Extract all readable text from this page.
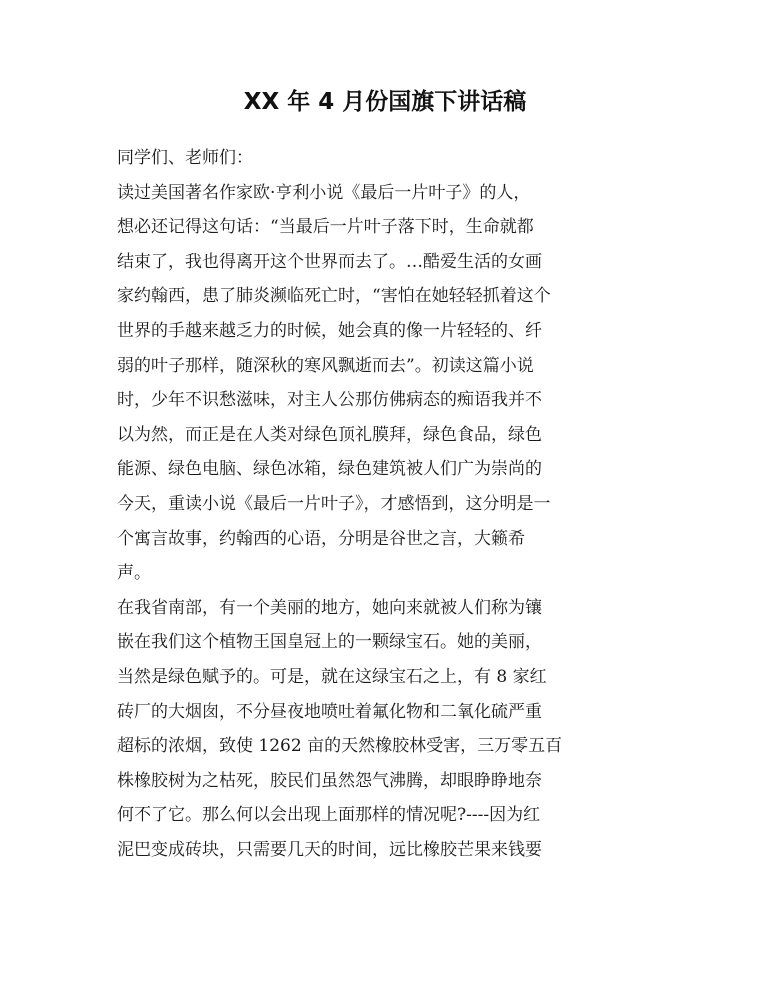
XX 年 4 月份国旗下讲话稿
同学们、老师们：
读过美国著名作家欧·亨利小说《最后一片叶子》的人，
想必还记得这句话：“当最后一片叶子落下时，生命就都
结束了，我也得离开这个世界而去了。…酷爱生活的女画
家约翰西，患了肺炎濒临死亡时，“害怕在她轻轻抓着这个
世界的手越来越乏力的时候，她会真的像一片轻轻的、纤
弱的叶子那样，随深秋的寒风飘逝而去”。初读这篇小说
时，少年不识愁滋味，对主人公那仿佛病态的痴语我并不
以为然，而正是在人类对绿色顶礼膜拜，绿色食品，绿色
能源、绿色电脑、绿色冰箱，绿色建筑被人们广为崇尚的
今天，重读小说《最后一片叶子》，才感悟到，这分明是一
个寓言故事，约翰西的心语，分明是谷世之言，大籁希
声。
在我省南部，有一个美丽的地方，她向来就被人们称为镶
嵌在我们这个植物王国皇冠上的一颗绿宝石。她的美丽，
当然是绿色赋予的。可是，就在这绿宝石之上，有 8 家红
砖厂的大烟囱，不分昼夜地喷吐着氟化物和二氧化硫严重
超标的浓烟，致使 1262 亩的天然橡胶林受害，三万零五百
株橡胶树为之枯死，胶民们虽然怨气沸腾，却眼睁睁地奈
何不了它。那么何以会出现上面那样的情况呢?----因为红
泥巴变成砖块，只需要几天的时间，远比橡胶芒果来钱要
